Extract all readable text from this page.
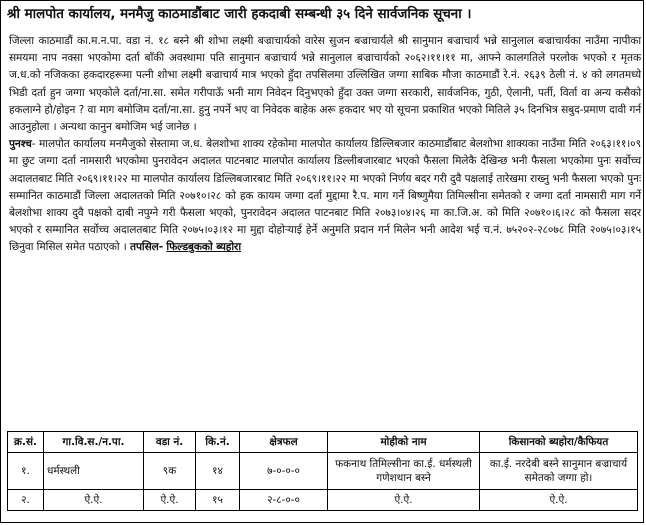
श्री मालपोत कार्यालय, मनमैजु काठमाडौंबाट जारी हकदाबी सम्बन्धी ३५ दिने सार्वजनिक सूचना ।

जिल्ला काठमाडौं का.म.न.पा. वडा नं. १८ बस्ने श्री शोभा लक्ष्मी बज्राचार्यको वारेस सुजन बज्राचार्यले श्री सानुमान बज्राचार्य भन्ने सानुलाल बज्राचार्यका नाउँमा नापीका समयमा नाप नक्सा भएकोमा दर्ता बाँकी अवस्थामा पति सानुमान बज्राचार्य भन्ने सानुलाल बज्राचार्यको २०६२।११।११ मा, आफ्ने कालगतिले परलोक भएको र मृतक ज.ध.को नजिकका हकदारहरूमा पत्नी शोभा लक्ष्मी बज्राचार्य मात्र भएको हुँदा तपसिलमा उल्लिखित जग्गा साबिक मौजा काठमाडौं रे.नं. २६३९ ठेली नं. ४ को लगतमध्ये भिडी दर्ता हुन जग्गा भएकोले दर्ता/ना.सा. समेत गरीपाऊँ भनी माग निवेदन दिनुभएको हुँदा उक्त जग्गा सरकारी, सार्वजनिक, गुठी, ऐलानी, पर्ती, विर्ता वा अन्य कसैको हकलाग्ने हो/होइन ? वा माग बमोजिम दर्ता/ना.सा. हुनु नपर्ने भए वा निवेदक बाहेक अरू हकदार भए यो सूचना प्रकाशित भएको मितिले ३५ दिनभित्र सबुद-प्रमाण दावी गर्न आउनुहोला । अन्यथा कानुन बमोजिम भई जानेछ ।

पुनश्च- मालपोत कार्यालय मनमैजुको सेस्तामा ज.ध. बेलशोभा शाक्य रहेकोमा मालपोत कार्यालय डिल्लिबजार काठमाडौंबाट बेलशोभा शाक्यका नाउँमा मिति २०६३।११।०९ मा छुट जग्गा दर्ता नामसारी भएकोमा पुनरावेदन अदालत पाटनबाट मालपोत कार्यालय डिल्लीबजारबाट भएको फैसला मिलेकै देखिन्छ भनी फैसला भएकोमा पुनः सर्वोच्च अदालतबाट मिति २०६९।११।२२ मा मालपोत कार्यालय डिल्लिबजारबाट मिति २०६९।११।२२ मा भएको निर्णय बदर गरी दुवै पक्षलाई तारेखमा राख्नु भनी फैसला भएको पुनः सम्मानित काठमाडौं जिल्ला अदालतको मिति २०७१०।२८ को हक कायम जग्गा दर्ता मुद्दामा रै.प. माग गर्ने बिष्णुमैया तिमिल्सीना समेतको र जग्गा दर्ता नामसारी माग गर्ने बेलशोभा शाक्य दुवै पक्षको दाबी नपुग्ने गरी फैसला भएको, पुनरावेदन अदालत पाटनबाट मिति २०७३।०४।२६ मा का.जि.अ. को मिति २०७१०।६।२८ को फैसला सदर भएको र सम्मानित सर्वोच्च अदालतबाट मिति २०७५।०३।१२ मा मुद्दा दोहोऱ्याई हेर्ने अनुमति प्रदान गर्न मिलेन भनी आदेश भई च.नं. ७५२०२-२८०७८ मिति २०७५।०३।१५ छिनुवा मिसिल समेत पठाएको । तपसिल- फिल्डबुकको ब्यहोरा

क्र.सं.	गा.वि.स./न.पा.	वडा नं.	कि.नं.	क्षेत्रफल	मोहीको नाम	किसानको ब्यहोरा/कैफियत
१.	धर्मस्थली	९क	१४	७-०-०-०	फकनाथ तिमिल्सीना का.ई. धर्मस्थली गणेशथान बस्ने	का.ई. नरदेबी बस्ने सानुमान बज्राचार्य समेतको जग्गा हो।
२.	ऐ.ऐ.	ऐ.ऐ.	१५	२-८-०-०	ऐ.ऐ.	ऐ.ऐ.
